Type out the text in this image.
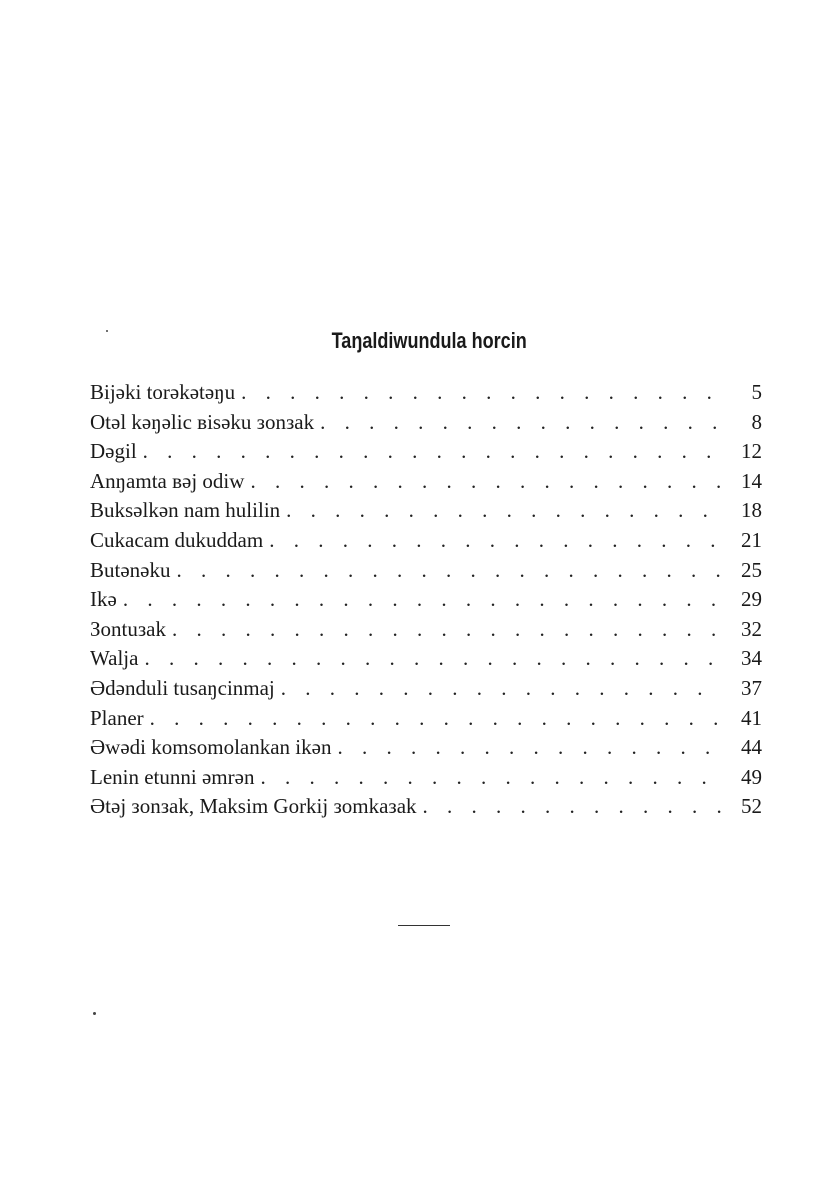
Taŋaldiwundula horcin
Bijəki torəkətəŋu . . .	5
Otəl kəŋəlic вisəku зonзak . . .	8
Dəgil . . .	12
Anŋamta вəj odiw . . .	14
Buksəlkən nam hulilin . . .	18
Cukacam dukuddam . . .	21
Butənəku . . .	25
Ikə . . .	29
Зontuзak . . .	32
Walja . . .	34
Ədənduli tusaŋcinmaj . . .	37
Planer . . .	41
Əwədi komsomolankan ikən . . .	44
Lenin etunni əmrən . . .	49
Ətəj зonзak, Maksim Gorkij зomkaзak . . .	52
